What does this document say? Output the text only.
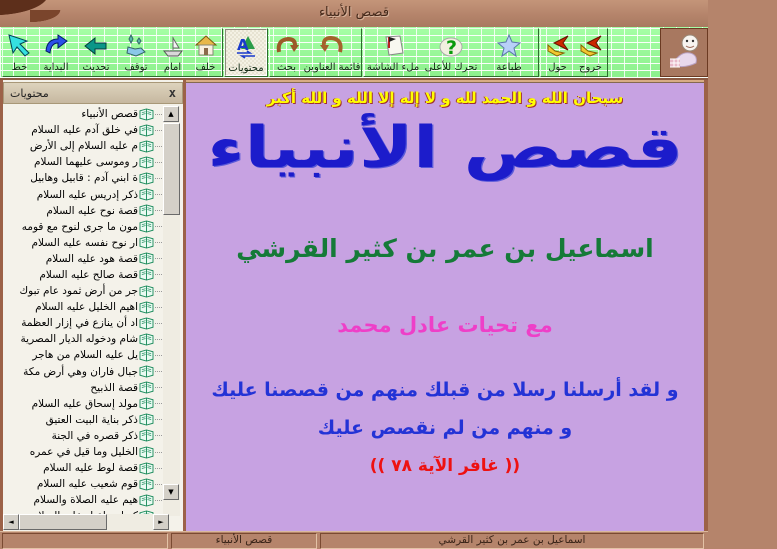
قصص الأنبياء
خط البداية تحديث توقف امام خلف
A
محتويات بحث قائمة العناوين ملء الشاشة
?
تحرك للأعلى طباعة	حول خروج
محتويات	x
قصص الأنبياء
في خلق آدم عليه السلام
م عليه السلام إلى الأرض
ر وموسى عليهما السلام
ة ابني آدم : قابيل وهابيل
ذكر إدريس عليه السلام
قصة نوح عليه السلام
مون ما جرى لنوح مع قومه
ار نوح نفسه عليه السلام
قصة هود عليه السلام
قصة صالح عليه السلام
جر من أرض ثمود عام تبوك
اهيم الخليل عليه السلام
اد أن ينازع في إزار العظمة
شام ودخوله الديار المصرية
يل عليه السلام من هاجر
جبال فاران وهي أرض مكة
قصة الذبيح
مولد إسحاق عليه السلام
ذكر بناية البيت العتيق
ذكر قصره في الجنة
الخليل وما قيل في عمره
قصة لوط عليه السلام
قوم شعيب عليه السلام
هيم عليه الصلاة والسلام
▲
▼
◄	►
سبحان الله و الحمد لله و لا إله إلا الله و الله أكبر
قصص الأنبياء
اسماعيل بن عمر بن كثير القرشي
مع تحيات عادل محمد
و لقد أرسلنا رسلا من قبلك منهم من قصصنا عليك
و منهم من لم نقصص عليك
(( غافر الآية ٧٨ ))
قصص الأنبياء	اسماعيل بن عمر بن كثير القرشي
